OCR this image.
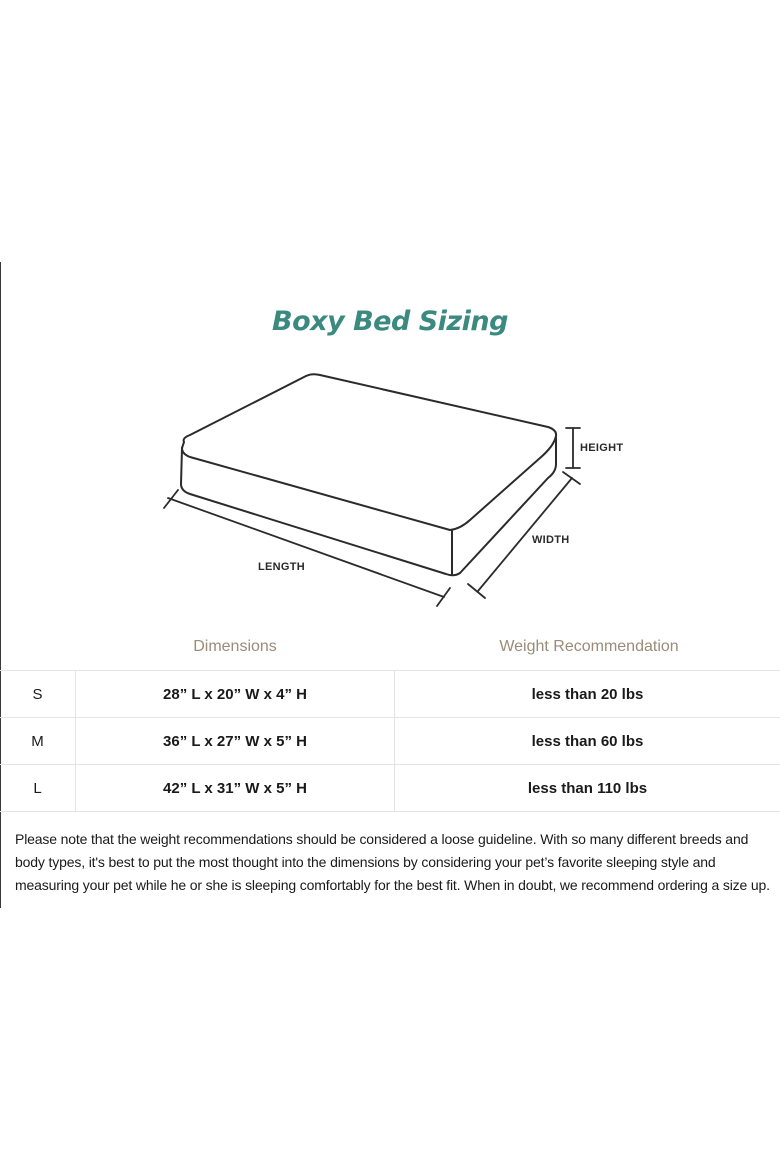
Boxy Bed Sizing
HEIGHT
WIDTH
LENGTH
Dimensions	Weight Recommendation
S	28” L x 20” W x 4” H	less than 20 lbs
M	36” L x 27” W x 5” H	less than 60 lbs
L	42” L x 31” W x 5” H	less than 110 lbs

Please note that the weight recommendations should be considered a loose guideline. With so many different breeds and body types, it's best to put the most thought into the dimensions by considering your pet’s favorite sleeping style and measuring your pet while he or she is sleeping comfortably for the best fit. When in doubt, we recommend ordering a size up.
